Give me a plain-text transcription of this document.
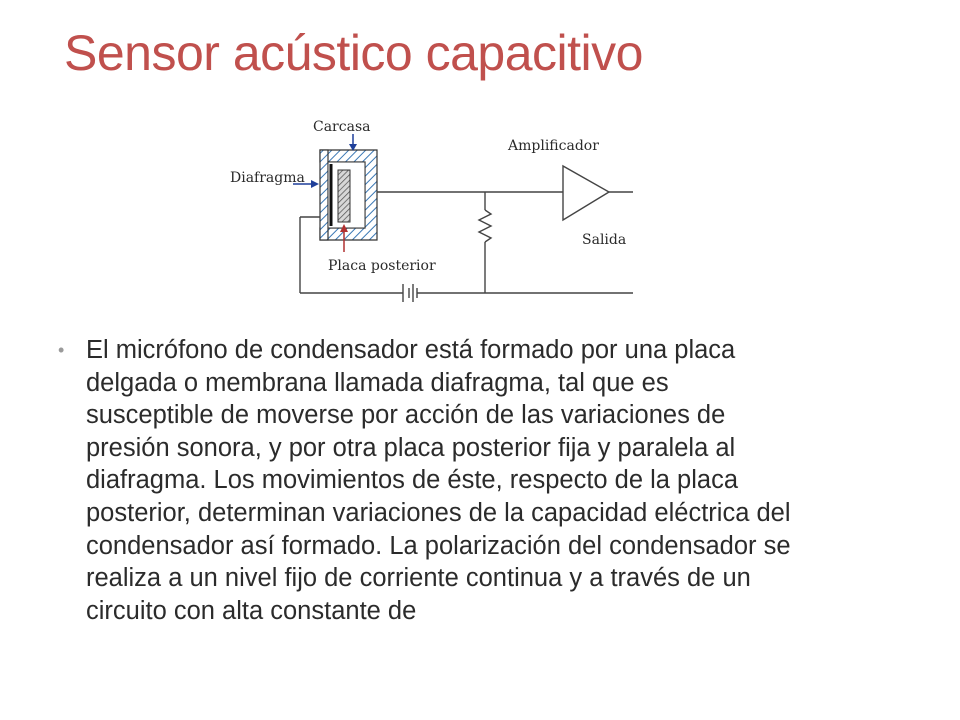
Sensor acústico capacitivo
Carcasa
Diafragma
Amplificador
Placa posterior
Salida
• El micrófono de condensador está formado por una placa
delgada o membrana llamada diafragma, tal que es
susceptible de moverse por acción de las variaciones de
presión sonora, y por otra placa posterior fija y paralela al
diafragma. Los movimientos de éste, respecto de la placa
posterior, determinan variaciones de la capacidad eléctrica del
condensador así formado. La polarización del condensador se
realiza a un nivel fijo de corriente continua y a través de un
circuito con alta constante de
